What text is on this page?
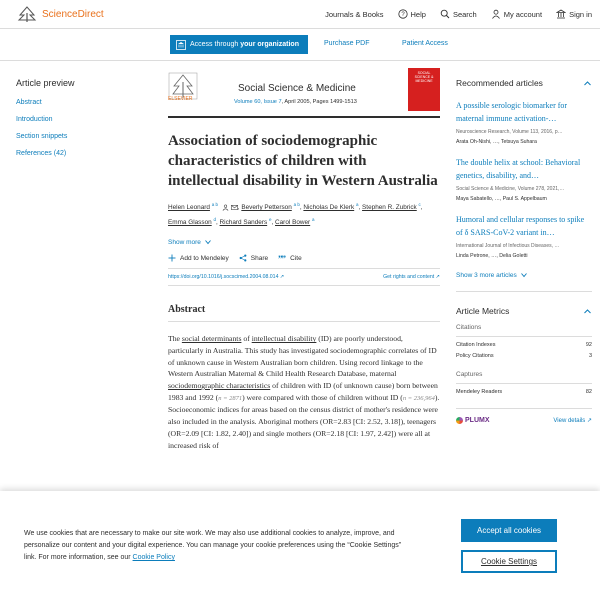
ScienceDirect	Journals & Books	? Help	Search	My account	Sign in
Access through your organization	Purchase PDF	Patient Access
Article preview
Abstract
Introduction
Section snippets
References (42)
ELSEVIER
Social Science & Medicine
Volume 60, Issue 7, April 2005, Pages 1499-1513
SOCIAL SCIENCE & MEDICINE
Association of sociodemographic characteristics of children with intellectual disability in Western Australia
Helen Leonard $^{a b}$	, Beverly Petterson $^{a b}$, Nicholas De Klerk $^a$, Stephen R. Zubrick $^c$, Emma Glasson $^d$, Richard Sanders $^e$, Carol Bower $^a$
Show more
Add to Mendeley	Share ” ” Cite
https://doi.org/10.1016/j.socscimed.2004.08.014 ↗	Get rights and content ↗
Abstract

The social determinants of intellectual disability (ID) are poorly understood, particularly in Australia. This study has investigated sociodemographic correlates of ID of unknown cause in Western Australian born children. Using record linkage to the Western Australian Maternal & Child Health Research Database, maternal sociodemographic characteristics of children with ID (of unknown cause) born between 1983 and 1992 (n = 2871) were compared with those of children without ID (n = 236,964). Socioeconomic indices for areas based on the census district of mother's residence were also included in the analysis. Aboriginal mothers (OR=2.83 [CI: 2.52, 3.18]), teenagers (OR=2.09 [CI: 1.82, 2.40]) and single mothers (OR=2.18 [CI: 1.97, 2.42]) were all at increased risk of

Recommended articles
A possible serologic biomarker for maternal immune activation-…
Neuroscience Research, Volume 113, 2016, p…
Arata Oh-Nishi, …, Tetsuya Suhara
The double helix at school: Behavioral genetics, disability, and…
Social Science & Medicine, Volume 278, 2021,…
Maya Sabatello, …, Paul S. Appelbaum
Humoral and cellular responses to spike of δ SARS-CoV-2 variant in…
International Journal of Infectious Diseases, …
Linda Petrone, …, Delia Goletti
Show 3 more articles
Article Metrics
Citations
Citation Indexes	92
Policy Citations	3
Captures
Mendeley Readers	82
PLUMX	View details ↗
We use cookies that are necessary to make our site work. We may also use additional cookies to analyze, improve, and personalize our content and your digital experience. You can manage your cookie preferences using the “Cookie Settings” link. For more information, see our Cookie Policy
Accept all cookies
Cookie Settings
